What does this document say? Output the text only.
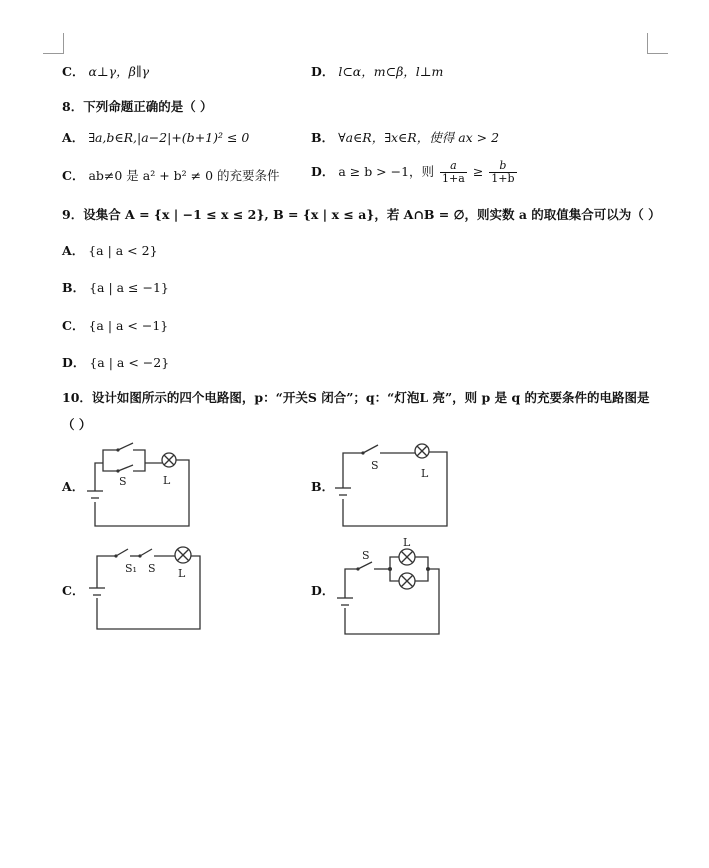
C． α⊥γ，β∥γ	D． l⊂α，m⊂β，l⊥m
8．下列命题正确的是（ ）
A． ∃a,b∈R,|a−2|+(b+1)² ≤ 0	B． ∀a∈R，∃x∈R，使得 ax > 2
C． ab≠0 是 a² + b² ≠ 0 的充要条件	D． a ≥ b > −1，则 $\frac{a}{1+a} \ge \frac{b}{1+b}$
9．设集合 A = {x | −1 ≤ x ≤ 2}, B = {x | x ≤ a}，若 A∩B = ∅，则实数 a 的取值集合可以为（ ）
A． {a | a < 2}
B． {a | a ≤ −1}
C． {a | a < −1}
D． {a | a < −2}
10．设计如图所示的四个电路图，p：“开关S 闭合”；q：“灯泡L 亮”，则 p 是 q 的充要条件的电路图是
（ ）
A．	B．
C．	D．
S	L
S
L
S₁ S L
S
L
